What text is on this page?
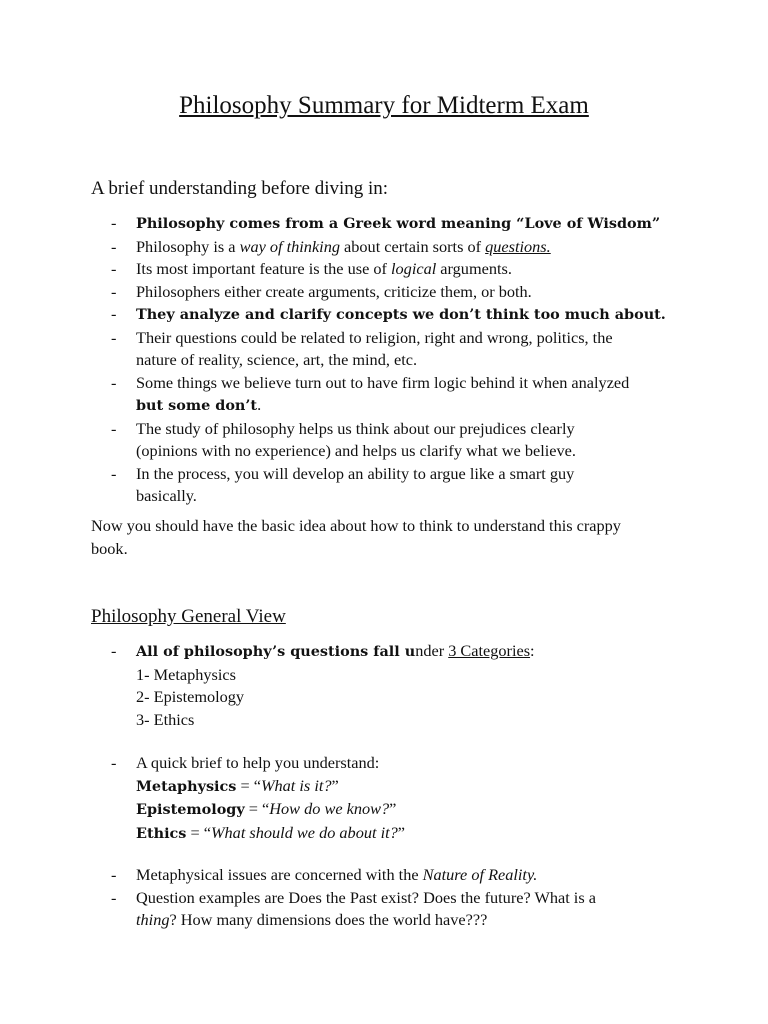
Philosophy Summary for Midterm Exam
A brief understanding before diving in:
- Philosophy comes from a Greek word meaning “Love of Wisdom”
- Philosophy is a way of thinking about certain sorts of questions.
- Its most important feature is the use of logical arguments.
- Philosophers either create arguments, criticize them, or both.
- They analyze and clarify concepts we don’t think too much about.
- Their questions could be related to religion, right and wrong, politics, the
nature of reality, science, art, the mind, etc.
- Some things we believe turn out to have firm logic behind it when analyzed
but some don’t.
- The study of philosophy helps us think about our prejudices clearly
(opinions with no experience) and helps us clarify what we believe.
- In the process, you will develop an ability to argue like a smart guy
basically.

Now you should have the basic idea about how to think to understand this crappy
book.

Philosophy General View
- All of philosophy’s questions fall under 3 Categories:
1- Metaphysics
2- Epistemology
3- Ethics
- A quick brief to help you understand:
Metaphysics = “What is it?”
Epistemology = “How do we know?”
Ethics = “What should we do about it?”
- Metaphysical issues are concerned with the Nature of Reality.
- Question examples are Does the Past exist? Does the future? What is a
thing? How many dimensions does the world have???
